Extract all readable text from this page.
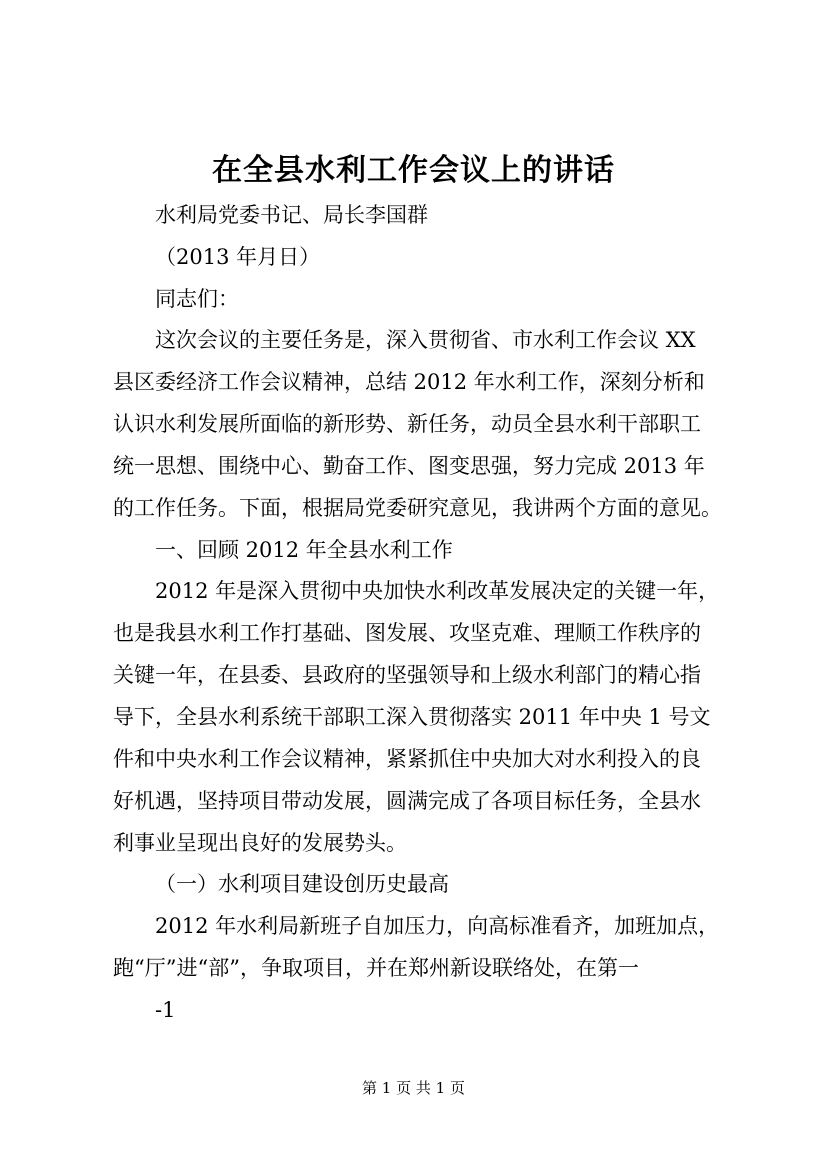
在全县水利工作会议上的讲话
水利局党委书记、局长李国群
（2013 年月日）
同志们：
这次会议的主要任务是，深入贯彻省、市水利工作会议 XX
县区委经济工作会议精神，总结 2012 年水利工作，深刻分析和
认识水利发展所面临的新形势、新任务，动员全县水利干部职工
统一思想、围绕中心、勤奋工作、图变思强，努力完成 2013 年
的工作任务。下面，根据局党委研究意见，我讲两个方面的意见。
一、回顾 2012 年全县水利工作
2012 年是深入贯彻中央加快水利改革发展决定的关键一年，
也是我县水利工作打基础、图发展、攻坚克难、理顺工作秩序的
关键一年，在县委、县政府的坚强领导和上级水利部门的精心指
导下，全县水利系统干部职工深入贯彻落实 2011 年中央 1 号文
件和中央水利工作会议精神，紧紧抓住中央加大对水利投入的良
好机遇，坚持项目带动发展，圆满完成了各项目标任务，全县水
利事业呈现出良好的发展势头。
（一）水利项目建设创历史最高
2012 年水利局新班子自加压力，向高标准看齐，加班加点，
跑“厅”进“部”，争取项目，并在郑州新设联络处，在第一
-1
第 1 页 共 1 页
